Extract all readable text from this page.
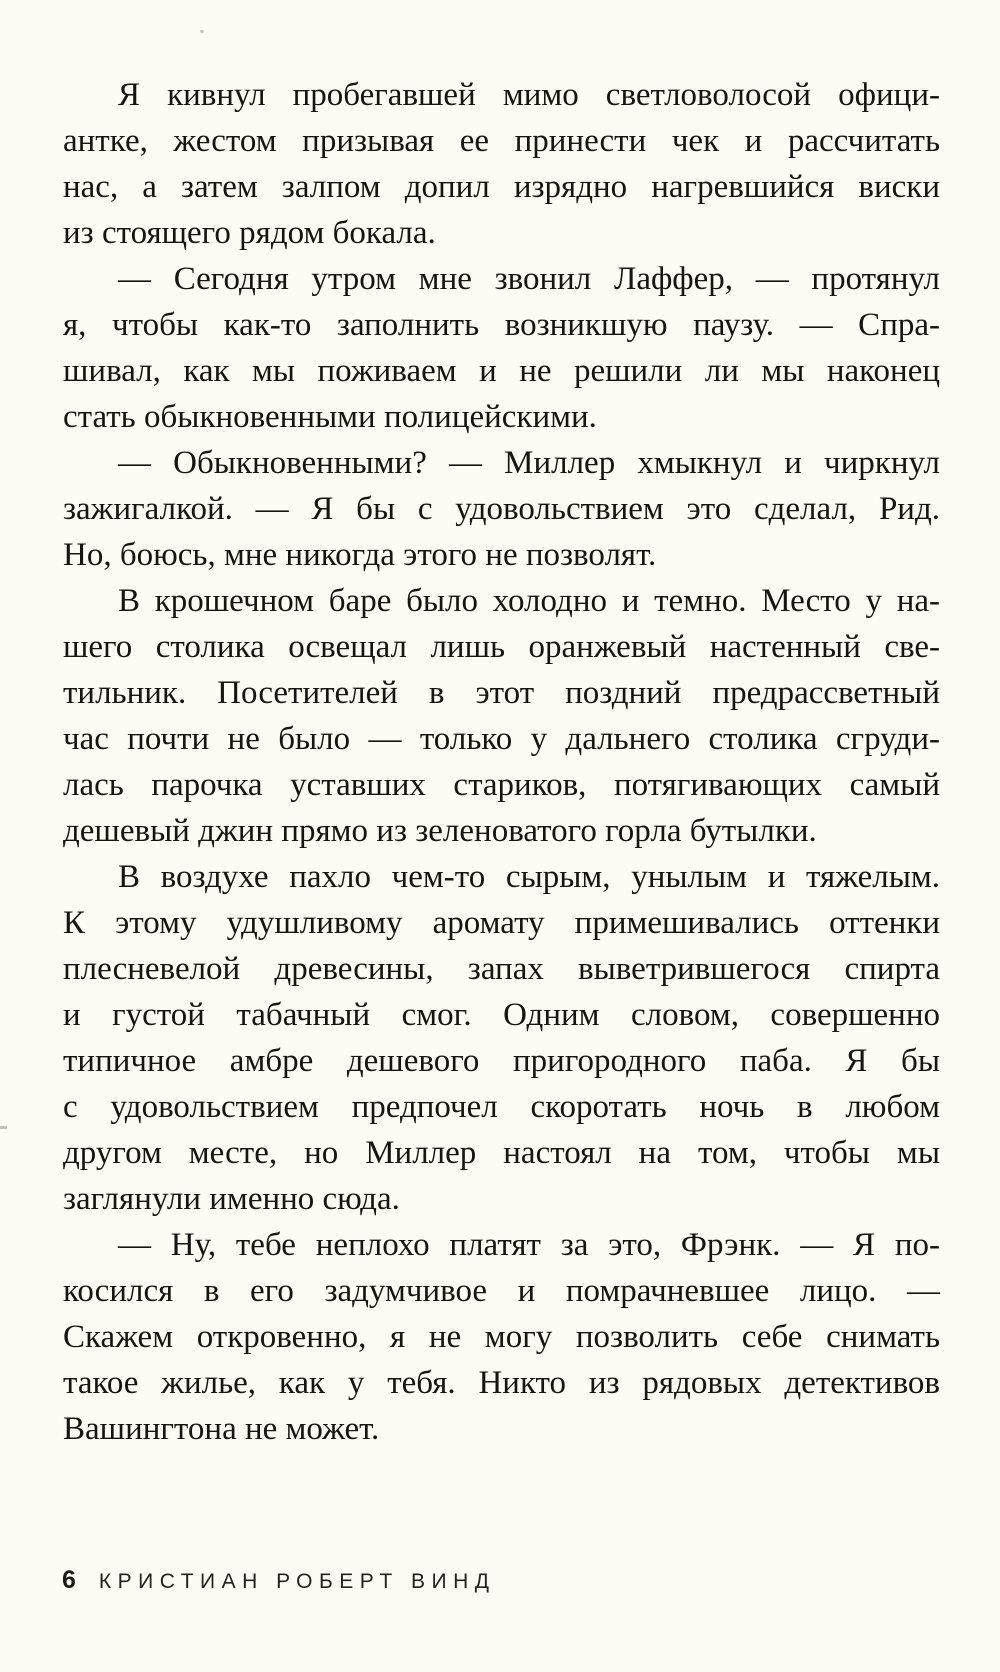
Я кивнул пробегавшей мимо светловолосой офици-
антке, жестом призывая ее принести чек и рассчитать
нас, а затем залпом допил изрядно нагревшийся виски
из стоящего рядом бокала.
— Сегодня утром мне звонил Лаффер, — протянул
я, чтобы как-то заполнить возникшую паузу. — Спра-
шивал, как мы поживаем и не решили ли мы наконец
стать обыкновенными полицейскими.
— Обыкновенными? — Миллер хмыкнул и чиркнул
зажигалкой. — Я бы с удовольствием это сделал, Рид.
Но, боюсь, мне никогда этого не позволят.
В крошечном баре было холодно и темно. Место у на-
шего столика освещал лишь оранжевый настенный све-
тильник. Посетителей в этот поздний предрассветный
час почти не было — только у дальнего столика сгруди-
лась парочка уставших стариков, потягивающих самый
дешевый джин прямо из зеленоватого горла бутылки.
В воздухе пахло чем-то сырым, унылым и тяжелым.
К этому удушливому аромату примешивались оттенки
плесневелой древесины, запах выветрившегося спирта
и густой табачный смог. Одним словом, совершенно
типичное амбре дешевого пригородного паба. Я бы
с удовольствием предпочел скоротать ночь в любом
другом месте, но Миллер настоял на том, чтобы мы
заглянули именно сюда.
— Ну, тебе неплохо платят за это, Фрэнк. — Я по-
косился в его задумчивое и помрачневшее лицо. —
Скажем откровенно, я не могу позволить себе снимать
такое жилье, как у тебя. Никто из рядовых детективов
Вашингтона не может.
6 КРИСТИАН РОБЕРТ ВИНД
